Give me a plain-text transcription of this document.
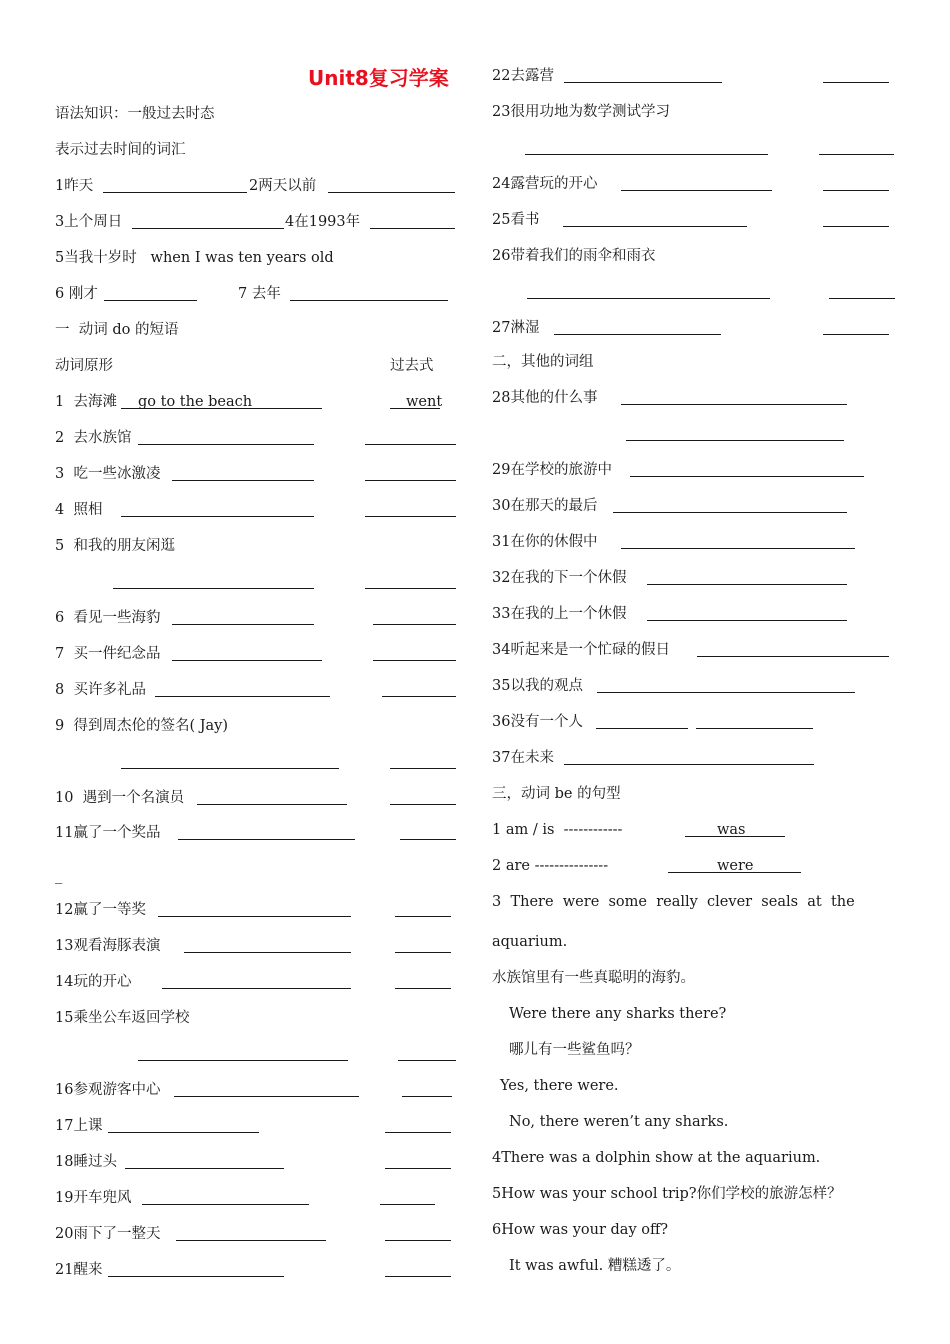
Unit8复习学案
语法知识：一般过去时态
表示过去时间的词汇
1昨天	2两天以前
3上个周日	4在1993年
5当我十岁时   when I was ten years old
6 刚才	7 去年
一  动词 do 的短语
动词原形	过去式
1  去海滩 go to the beach	went
2  去水族馆
3  吃一些冰激凌
4  照相
5  和我的朋友闲逛
6  看见一些海豹
7  买一件纪念品
8  买许多礼品
9  得到周杰伦的签名( Jay)
10  遇到一个名演员
11赢了一个奖品
_
12赢了一等奖
13观看海豚表演
14玩的开心
15乘坐公车返回学校
16参观游客中心
17上课
18睡过头
19开车兜风
20雨下了一整天
21醒来
22去露营
23很用功地为数学测试学习
24露营玩的开心
25看书
26带着我们的雨伞和雨衣
27淋湿
二，其他的词组
28其他的什么事
29在学校的旅游中
30在那天的最后
31在你的休假中
32在我的下一个休假
33在我的上一个休假
34听起来是一个忙碌的假日
35以我的观点
36没有一个人
37在未来
三，动词 be 的句型
1 am / is  ------------	was
2 are ---------------	were
3  There  were  some  really  clever  seals  at  the
aquarium.
水族馆里有一些真聪明的海豹。
Were there any sharks there?
哪儿有一些鲨鱼吗？
Yes, there were.
No, there weren’t any sharks.
4There was a dolphin show at the aquarium.
5How was your school trip?你们学校的旅游怎样？
6How was your day off?
It was awful. 糟糕透了。
